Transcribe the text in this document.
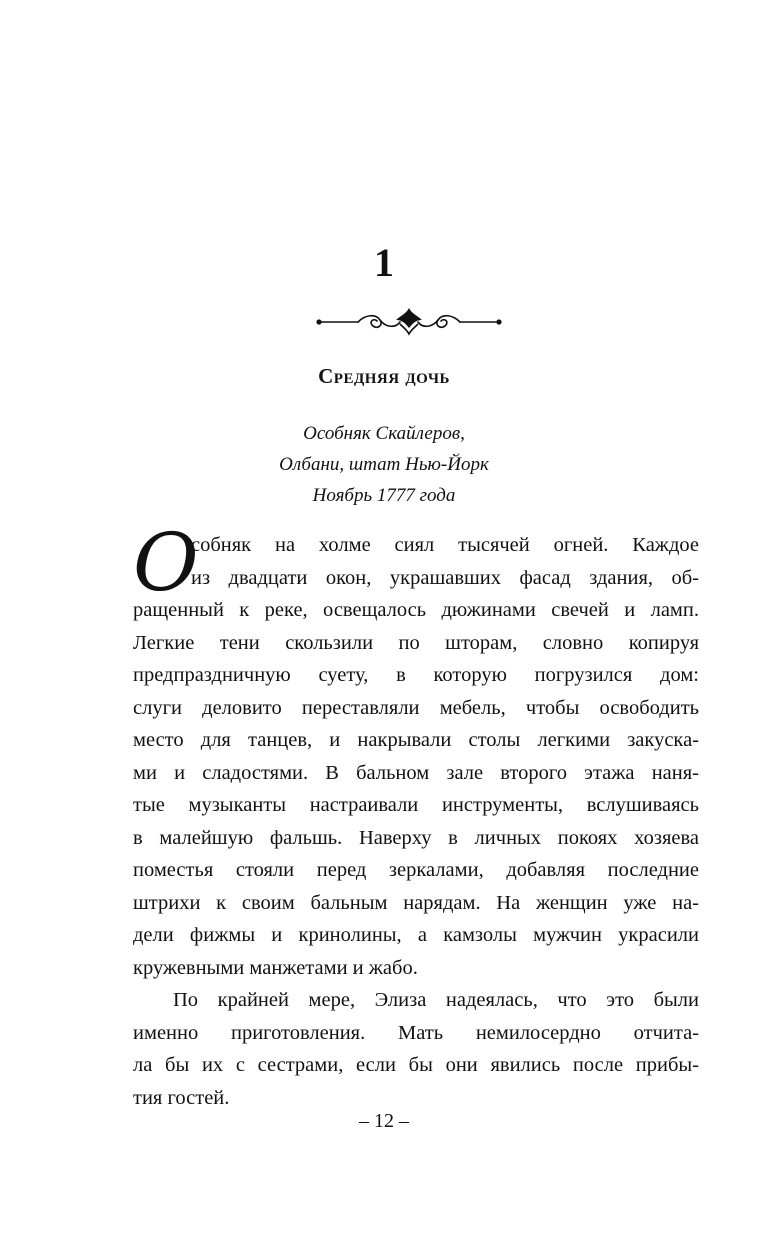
1
Средняя дочь
Особняк Скайлеров,
Олбани, штат Нью-Йорк
Ноябрь 1777 года
О
собняк на холме сиял тысячей огней. Каждое
из двадцати окон, украшавших фасад здания, об-
ращенный к реке, освещалось дюжинами свечей и ламп.
Легкие тени скользили по шторам, словно копируя
предпраздничную суету, в которую погрузился дом:
слуги деловито переставляли мебель, чтобы освободить
место для танцев, и накрывали столы легкими закуска-
ми и сладостями. В бальном зале второго этажа наня-
тые музыканты настраивали инструменты, вслушиваясь
в малейшую фальшь. Наверху в личных покоях хозяева
поместья стояли перед зеркалами, добавляя последние
штрихи к своим бальным нарядам. На женщин уже на-
дели фижмы и кринолины, а камзолы мужчин украсили
кружевными манжетами и жабо.
По крайней мере, Элиза надеялась, что это были
именно приготовления. Мать немилосердно отчита-
ла бы их с сестрами, если бы они явились после прибы-
тия гостей.
– 12 –
